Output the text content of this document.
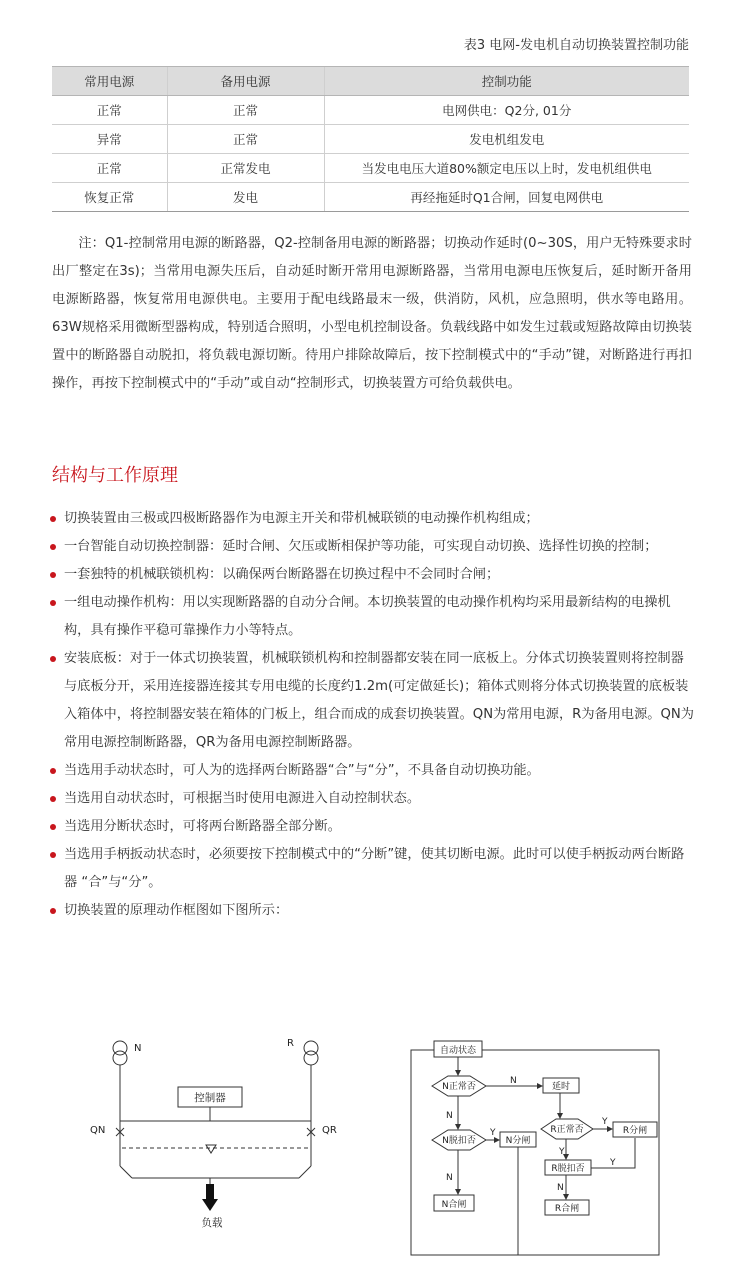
表3 电网-发电机自动切换装置控制功能
常用电源	备用电源	控制功能
正常	正常	电网供电：Q2分, 01分
异常	正常	发电机组发电
正常	正常发电	当发电电压大道80%额定电压以上时，发电机组供电
恢复正常	发电	再经拖延时Q1合闸，回复电网供电

注：Q1-控制常用电源的断路器，Q2-控制备用电源的断路器；切换动作延时(0~30S，用户无特殊要求时出厂整定在3s)；当常用电源失压后，自动延时断开常用电源断路器，当常用电源电压恢复后，延时断开备用电源断路器，恢复常用电源供电。主要用于配电线路最末一级，供消防，风机，应急照明，供水等电路用。63W规格采用微断型器构成，特别适合照明，小型电机控制设备。负载线路中如发生过载或短路故障由切换装置中的断路器自动脱扣，将负载电源切断。待用户排除故障后，按下控制模式中的“手动”键，对断路进行再扣操作，再按下控制模式中的“手动”或自动“控制形式，切换装置方可给负载供电。

结构与工作原理
切换装置由三极或四极断路器作为电源主开关和带机械联锁的电动操作机构组成；
一台智能自动切换控制器：延时合闸、欠压或断相保护等功能，可实现自动切换、选择性切换的控制；
一套独特的机械联锁机构：以确保两台断路器在切换过程中不会同时合闸；
一组电动操作机构：用以实现断路器的自动分合闸。本切换装置的电动操作机构均采用最新结构的电操机构，具有操作平稳可靠操作力小等特点。
安装底板：对于一体式切换装置，机械联锁机构和控制器都安装在同一底板上。分体式切换装置则将控制器与底板分开，采用连接器连接其专用电缆的长度约1.2m(可定做延长)；箱体式则将分体式切换装置的底板装入箱体中，将控制器安装在箱体的门板上，组合而成的成套切换装置。QN为常用电源，R为备用电源。QN为常用电源控制断路器，QR为备用电源控制断路器。
当选用手动状态时，可人为的选择两台断路器“合”与“分”，不具备自动切换功能。
当选用自动状态时，可根据当时使用电源进入自动控制状态。
当选用分断状态时，可将两台断路器全部分断。
当选用手柄扳动状态时，必须要按下控制模式中的“分断”键，使其切断电源。此时可以使手柄扳动两台断路器 “合”与“分”。
切换装置的原理动作框图如下图所示：
N	R
控制器
QN	QR
负载
自动状态
N正常否	延时
R正常否	R分闸
N脱扣否	N分闸
R脱扣否
N合闸	R合闸
N
N
Y
N
Y
Y
Y
N
